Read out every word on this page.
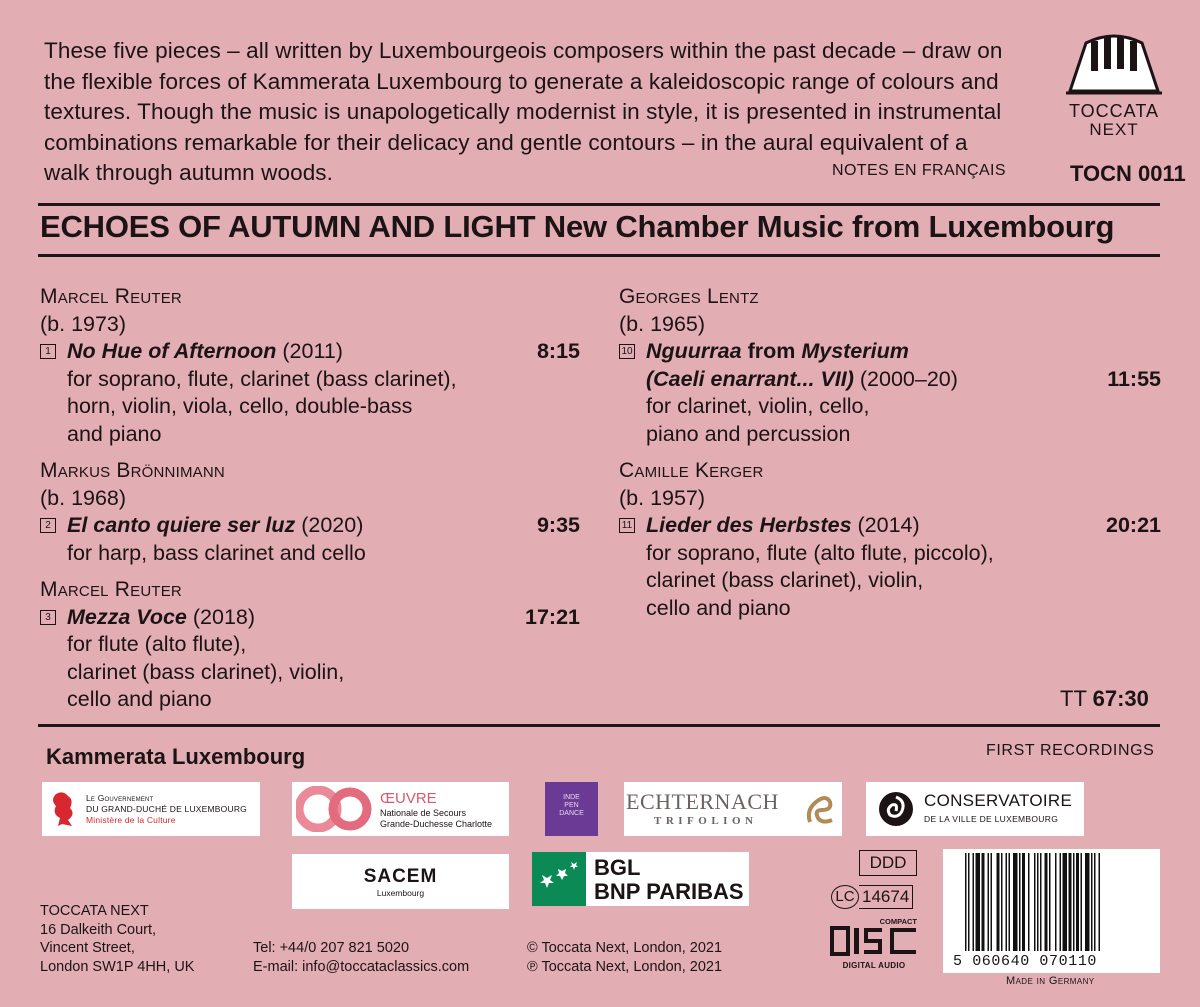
These five pieces – all written by Luxembourgeois composers within the past decade – draw on the flexible forces of Kammerata Luxembourg to generate a kaleidoscopic range of colours and textures. Though the music is unapologetically modernist in style, it is presented in instrumental combinations remarkable for their delicacy and gentle contours – in the aural equivalent of a walk through autumn woods.	NOTES EN FRANÇAIS
TOCCATA
NEXT
TOCN 0011
ECHOES OF AUTUMN AND LIGHT New Chamber Music from Luxembourg
Marcel Reuter
(b. 1973)
1 No Hue of Afternoon (2011)	8:15
for soprano, flute, clarinet (bass clarinet),
horn, violin, viola, cello, double-bass
and piano
Markus Brönnimann
(b. 1968)
2 El canto quiere ser luz (2020)	9:35
for harp, bass clarinet and cello
Marcel Reuter
3 Mezza Voce (2018)	17:21
for flute (alto flute),
clarinet (bass clarinet), violin,
cello and piano
Georges Lentz
(b. 1965)
10 Nguurraa from Mysterium
(Caeli enarrant... VII) (2000–20)	11:55
for clarinet, violin, cello,
piano and percussion
Camille Kerger
(b. 1957)
11 Lieder des Herbstes (2014)	20:21
for soprano, flute (alto flute, piccolo),
clarinet (bass clarinet), violin,
cello and piano
TT 67:30
Kammerata Luxembourg	FIRST RECORDINGS
Le Gouvernement
DU GRAND-DUCHÉ DE LUXEMBOURG
Ministère de la Culture
ŒUVRE
Nationale de Secours
Grande-Duchesse Charlotte
INDE
PEN
DANCE	ECHTERNACH
TRIFOLION
CONSERVATOIRE
DE LA VILLE DE LUXEMBOURG
SACEM
Luxembourg
BGL
BNP PARIBAS
TOCCATA NEXT
16 Dalkeith Court,
Vincent Street,
London SW1P 4HH, UK
Tel: +44/0 207 821 5020
E-mail: info@toccataclassics.com
© Toccata Next, London, 2021
℗ Toccata Next, London, 2021
DDD
LC 14674
COMPACT
DIGITAL AUDIO	5 060640 070110
Made in Germany
